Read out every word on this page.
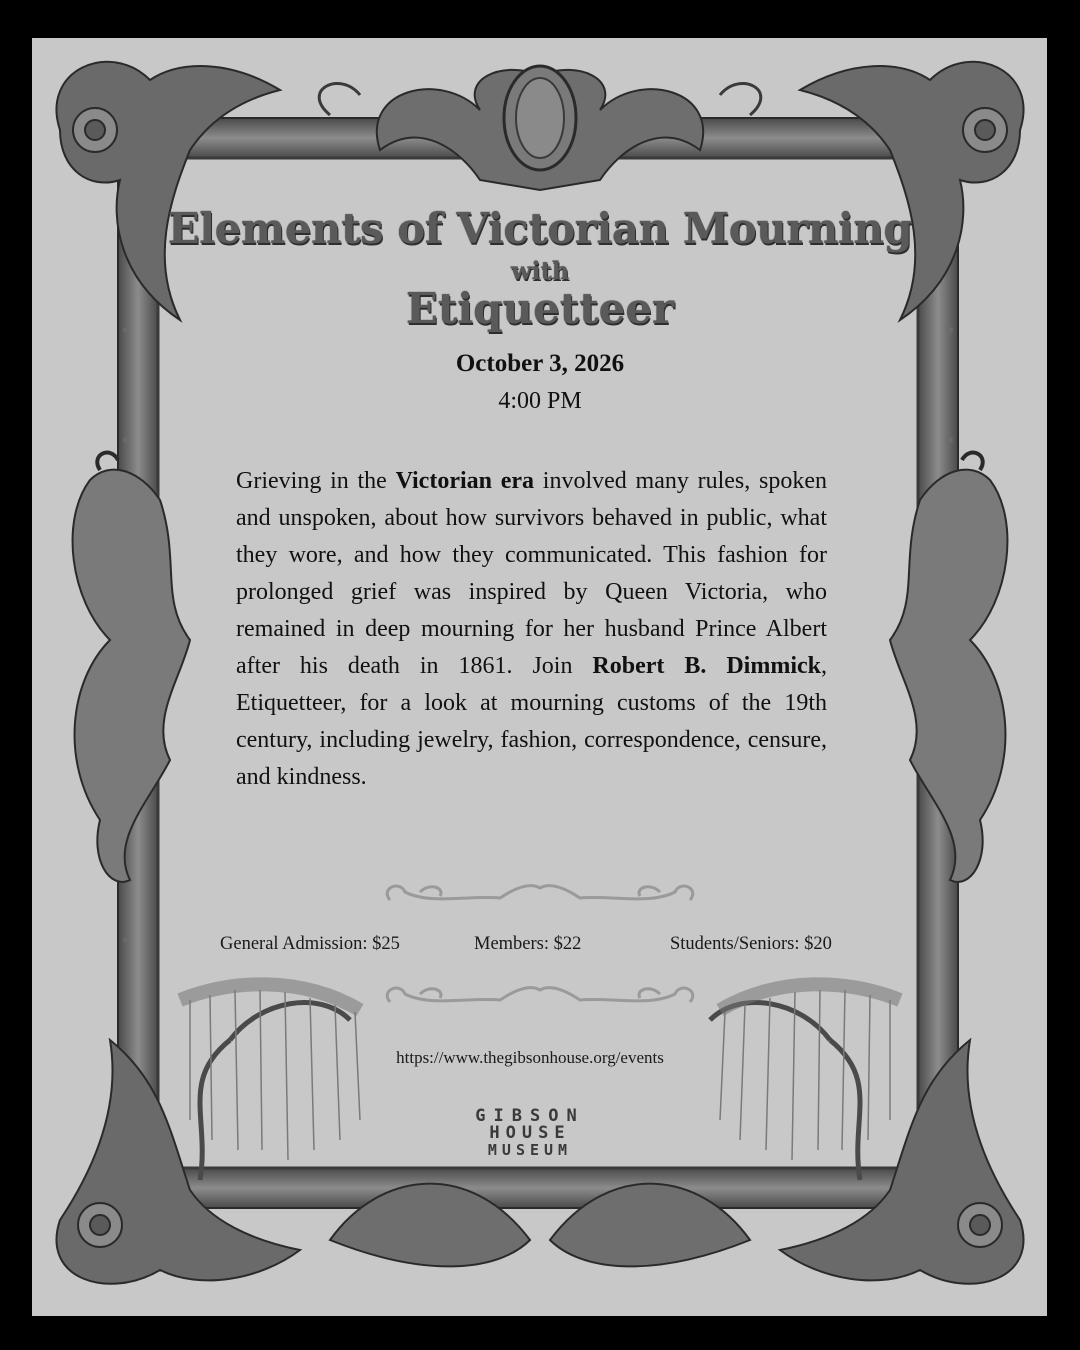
Elements of Victorian Mourning
with
Etiquetteer
October 3, 2026
4:00 PM
Grieving in the Victorian era involved many rules, spoken and unspoken, about how survivors behaved in public, what they wore, and how they communicated. This fashion for prolonged grief was inspired by Queen Victoria, who remained in deep mourning for her husband Prince Albert after his death in 1861. Join Robert B. Dimmick, Etiquetteer, for a look at mourning customs of the 19th century, including jewelry, fashion, correspondence, censure, and kindness.
General Admission: $25	Members: $22	Students/Seniors: $20
https://www.thegibsonhouse.org/events
GIBSON
HOUSE
MUSEUM
